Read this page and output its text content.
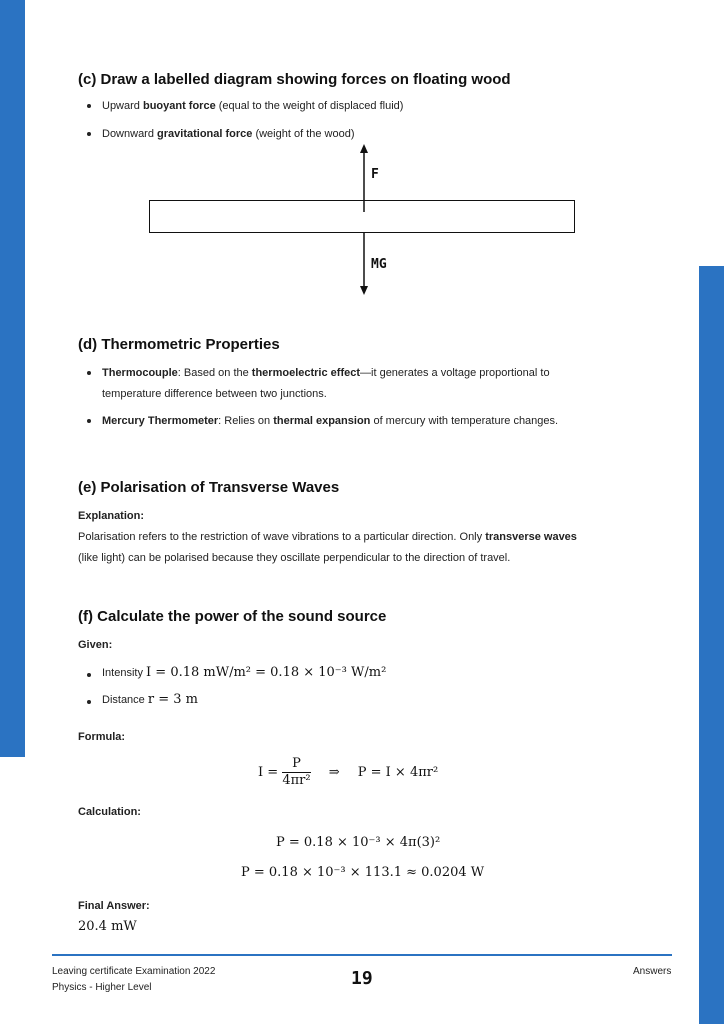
(c) Draw a labelled diagram showing forces on floating wood
Upward buoyant force (equal to the weight of displaced fluid)
Downward gravitational force (weight of the wood)
F
MG
(d) Thermometric Properties
Thermocouple: Based on the thermoelectric effect—it generates a voltage proportional to
temperature difference between two junctions.
Mercury Thermometer: Relies on thermal expansion of mercury with temperature changes.
(e) Polarisation of Transverse Waves
Explanation:
Polarisation refers to the restriction of wave vibrations to a particular direction. Only transverse waves
(like light) can be polarised because they oscillate perpendicular to the direction of travel.
(f) Calculate the power of the sound source
Given:
Intensity I = 0.18 mW/m² = 0.18 × 10⁻³ W/m²
Distance r = 3 m
Formula:
$I = \frac{P}{\text{4πr²}}$ ⇒ P = I × 4πr²
Calculation:
P = 0.18 × 10⁻³ × 4π(3)²
P = 0.18 × 10⁻³ × 113.1 ≈ 0.0204 W
Final Answer:
20.4 mW
Leaving certificate Examination 2022
Physics - Higher Level	19	Answers
